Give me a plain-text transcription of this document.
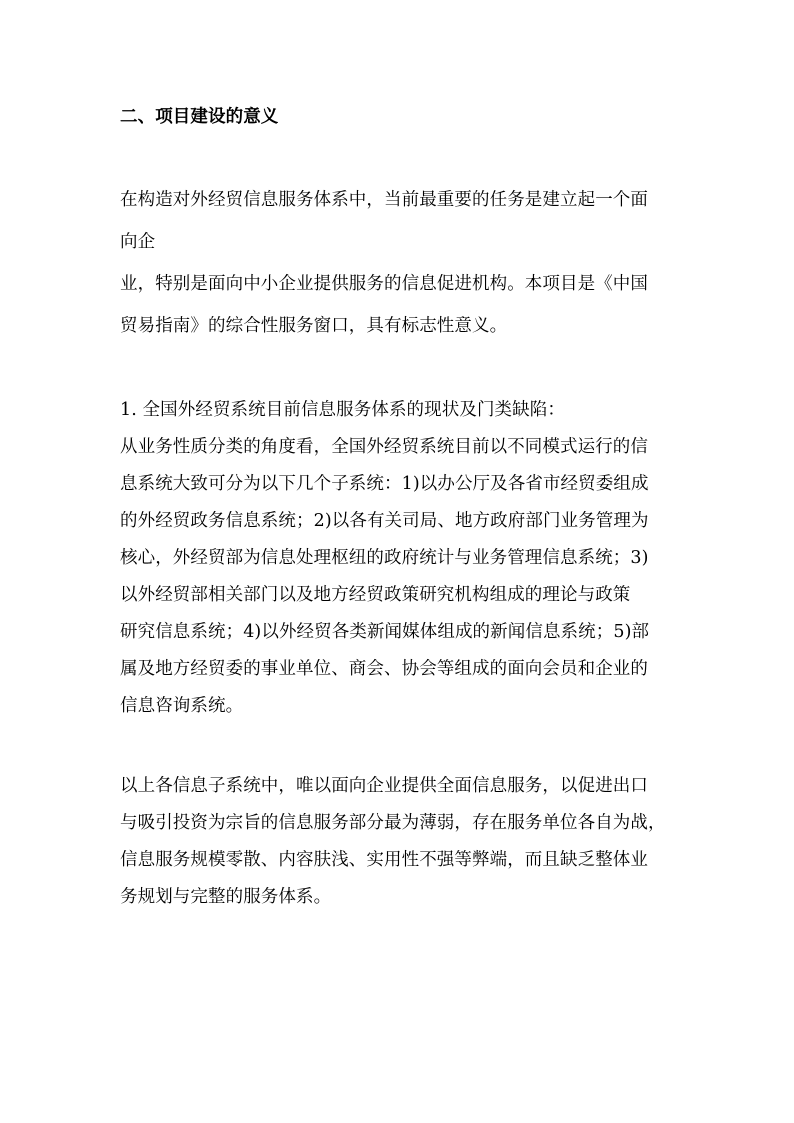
二、项目建设的意义
在构造对外经贸信息服务体系中，当前最重要的任务是建立起一个面
向企
业，特别是面向中小企业提供服务的信息促进机构。本项目是《中国
贸易指南》的综合性服务窗口，具有标志性意义。
1. 全国外经贸系统目前信息服务体系的现状及门类缺陷：
从业务性质分类的角度看，全国外经贸系统目前以不同模式运行的信
息系统大致可分为以下几个子系统：1)以办公厅及各省市经贸委组成
的外经贸政务信息系统；2)以各有关司局、地方政府部门业务管理为
核心，外经贸部为信息处理枢纽的政府统计与业务管理信息系统；3)
以外经贸部相关部门以及地方经贸政策研究机构组成的理论与政策
研究信息系统；4)以外经贸各类新闻媒体组成的新闻信息系统；5)部
属及地方经贸委的事业单位、商会、协会等组成的面向会员和企业的
信息咨询系统。
以上各信息子系统中，唯以面向企业提供全面信息服务，以促进出口
与吸引投资为宗旨的信息服务部分最为薄弱，存在服务单位各自为战，
信息服务规模零散、内容肤浅、实用性不强等弊端，而且缺乏整体业
务规划与完整的服务体系。
